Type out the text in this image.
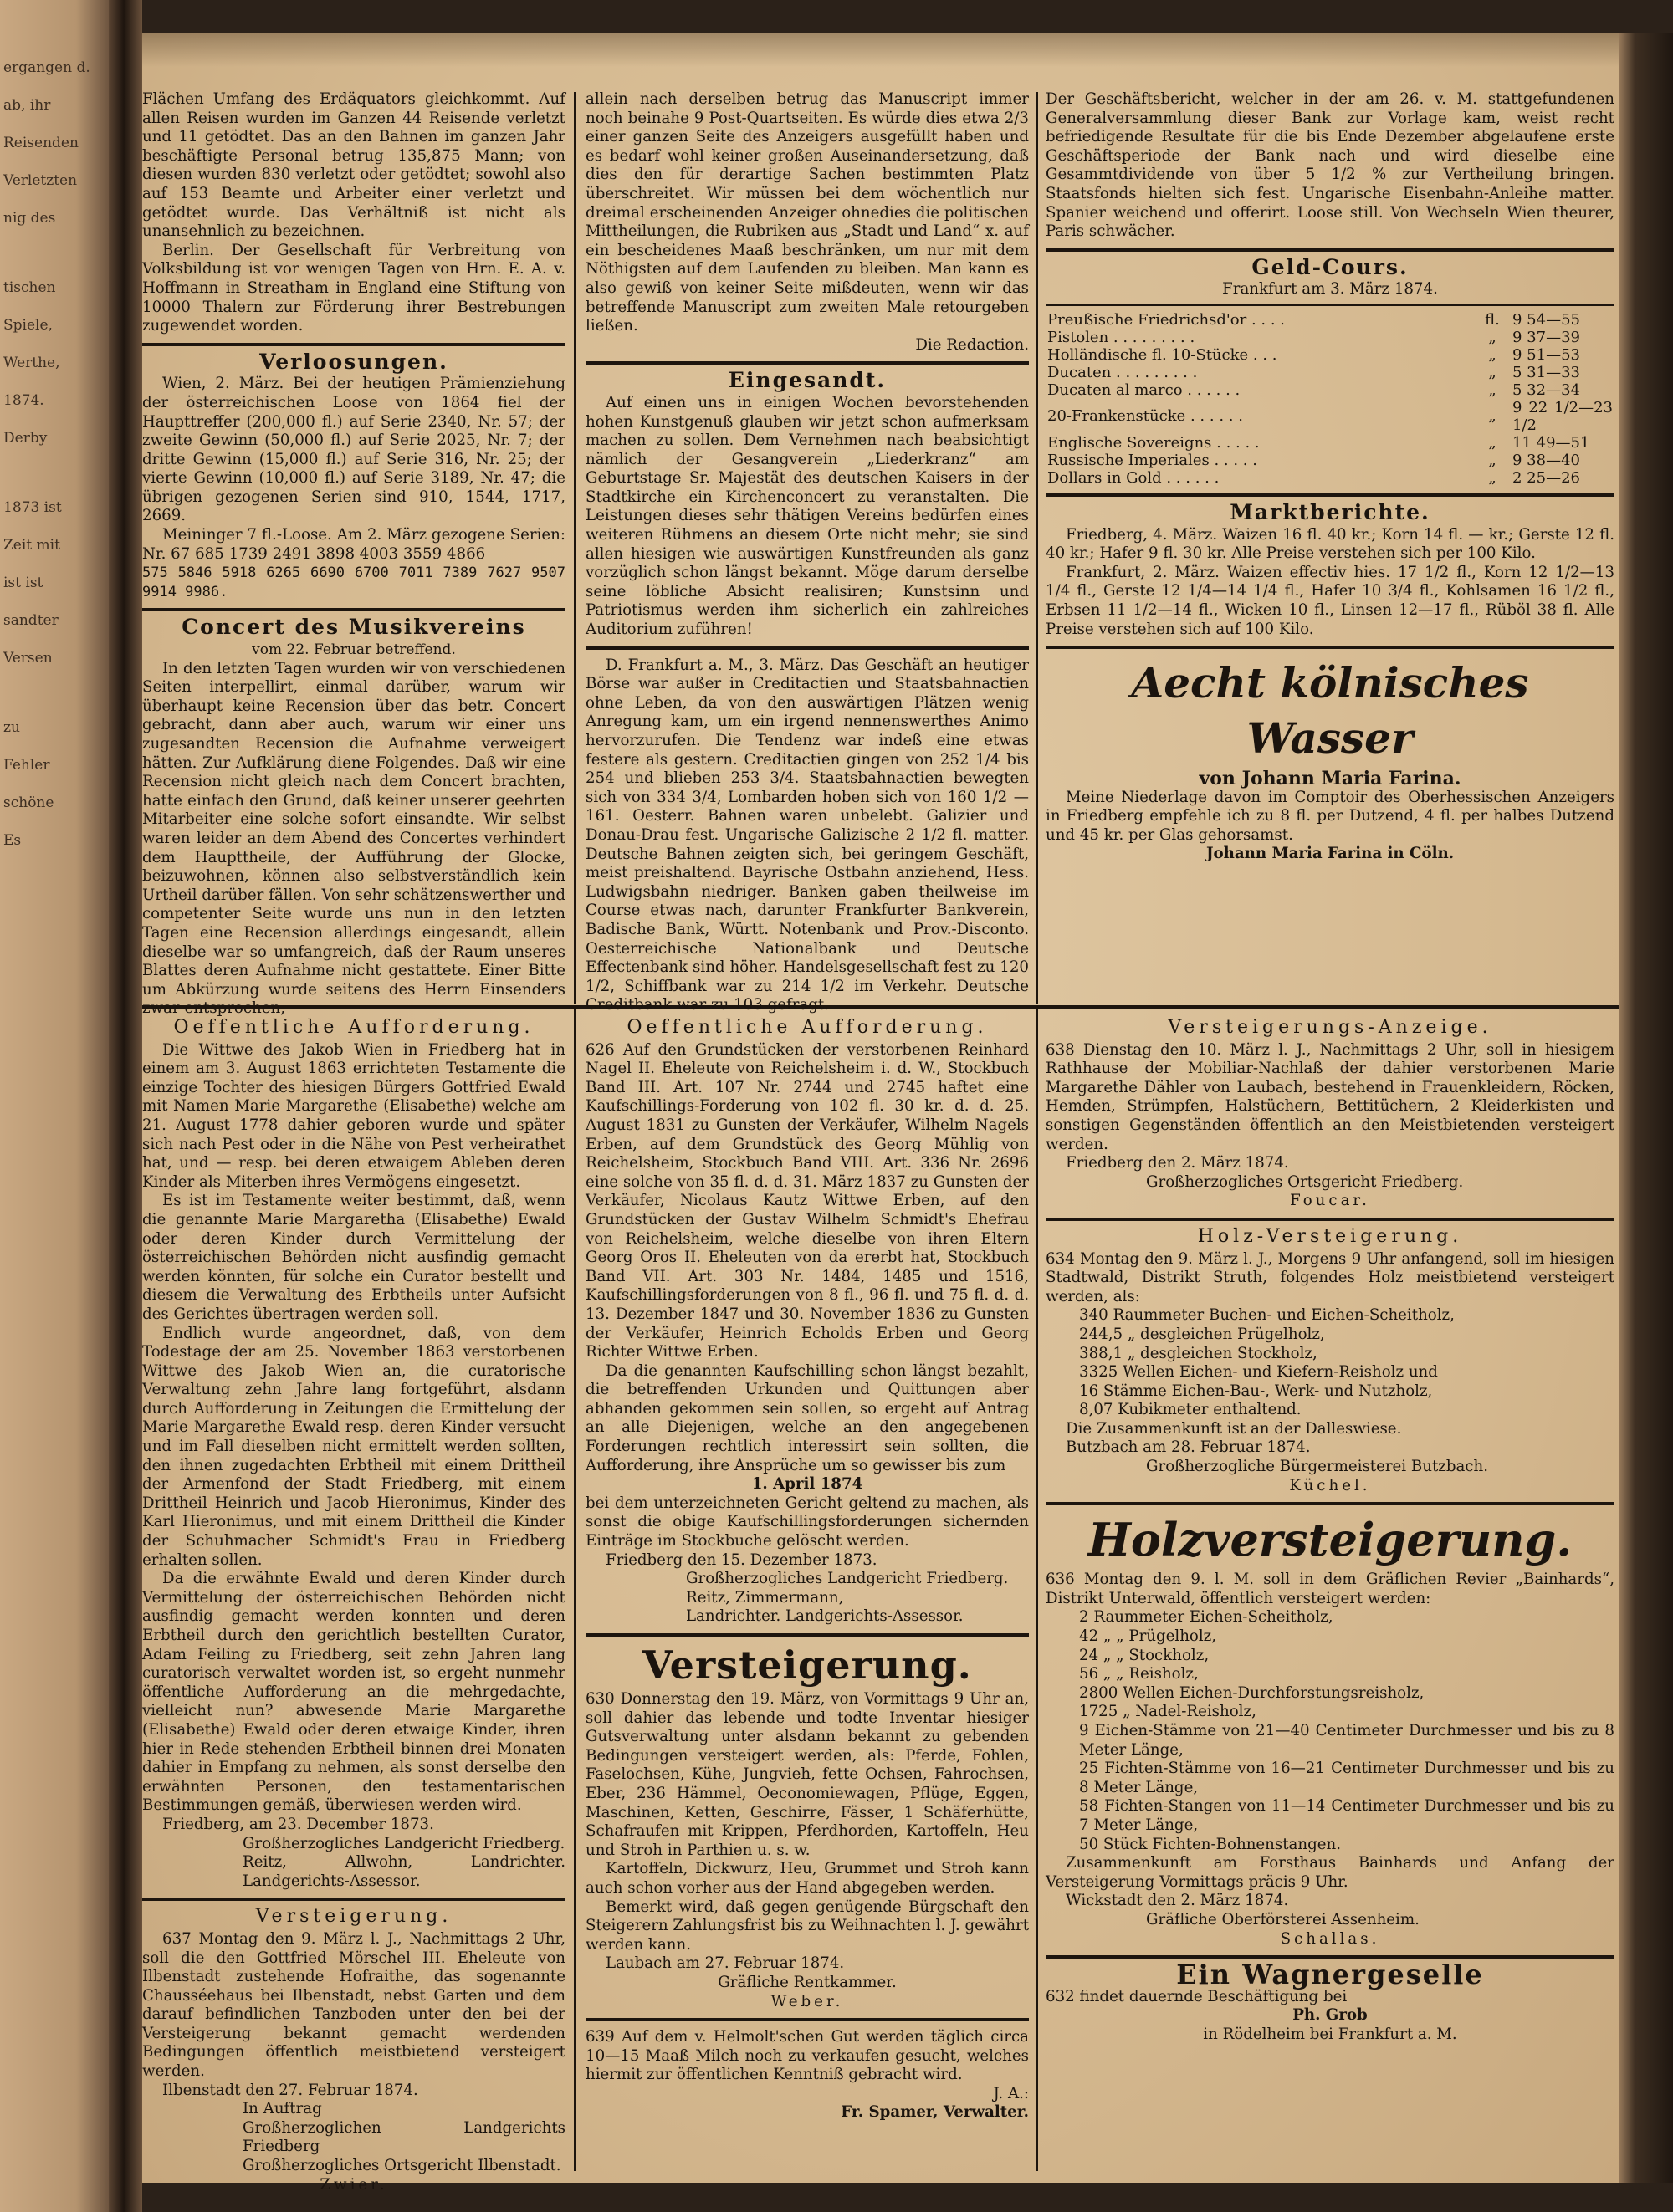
ergangen d.
ab, ihr
Reisenden
Verletzten
nig des
tischen
Spiele,
Werthe,
1874.
Derby
1873 ist
Zeit mit
ist ist
sandter
Versen
zu
Fehler
schöne
Es

Flächen Umfang des Erdäquators gleichkommt. Auf allen Reisen wurden im Ganzen 44 Reisende verletzt und 11 getödtet. Das an den Bahnen im ganzen Jahr beschäftigte Personal betrug 135,875 Mann; von diesen wurden 830 verletzt oder getödtet; sowohl also auf 153 Beamte und Arbeiter einer verletzt und getödtet wurde. Das Verhältniß ist nicht als unansehnlich zu bezeichnen.

Berlin. Der Gesellschaft für Verbreitung von Volksbildung ist vor wenigen Tagen von Hrn. E. A. v. Hoffmann in Streatham in England eine Stiftung von 10000 Thalern zur Förderung ihrer Bestrebungen zugewendet worden.

Verloosungen.

Wien, 2. März. Bei der heutigen Prämienziehung der österreichischen Loose von 1864 fiel der Haupttreffer (200,000 fl.) auf Serie 2340, Nr. 57; der zweite Gewinn (50,000 fl.) auf Serie 2025, Nr. 7; der dritte Gewinn (15,000 fl.) auf Serie 316, Nr. 25; der vierte Gewinn (10,000 fl.) auf Serie 3189, Nr. 47; die übrigen gezogenen Serien sind 910, 1544, 1717, 2669.

Meininger 7 fl.-Loose. Am 2. März gezogene Serien: Nr. 67 685 1739 2491 3898 4003 3559 4866

575 5846 5918 6265 6690 6700 7011 7389 7627 9507 9914 9986.

Concert des Musikvereins
vom 22. Februar betreffend.

In den letzten Tagen wurden wir von verschiedenen Seiten interpellirt, einmal darüber, warum wir überhaupt keine Recension über das betr. Concert gebracht, dann aber auch, warum wir einer uns zugesandten Recension die Aufnahme verweigert hätten. Zur Aufklärung diene Folgendes. Daß wir eine Recension nicht gleich nach dem Concert brachten, hatte einfach den Grund, daß keiner unserer geehrten Mitarbeiter eine solche sofort einsandte. Wir selbst waren leider an dem Abend des Concertes verhindert dem Haupttheile, der Aufführung der Glocke, beizuwohnen, können also selbstverständlich kein Urtheil darüber fällen. Von sehr schätzenswerther und competenter Seite wurde uns nun in den letzten Tagen eine Recension allerdings eingesandt, allein dieselbe war so umfangreich, daß der Raum unseres Blattes deren Aufnahme nicht gestattete. Einer Bitte um Abkürzung wurde seitens des Herrn Einsenders zwar entsprochen,

allein nach derselben betrug das Manuscript immer noch beinahe 9 Post-Quartseiten. Es würde dies etwa 2/3 einer ganzen Seite des Anzeigers ausgefüllt haben und es bedarf wohl keiner großen Auseinandersetzung, daß dies den für derartige Sachen bestimmten Platz überschreitet. Wir müssen bei dem wöchentlich nur dreimal erscheinenden Anzeiger ohnedies die politischen Mittheilungen, die Rubriken aus „Stadt und Land“ x. auf ein bescheidenes Maaß beschränken, um nur mit dem Nöthigsten auf dem Laufenden zu bleiben. Man kann es also gewiß von keiner Seite mißdeuten, wenn wir das betreffende Manuscript zum zweiten Male retourgeben ließen.

Die Redaction.

Eingesandt.

Auf einen uns in einigen Wochen bevorstehenden hohen Kunstgenuß glauben wir jetzt schon aufmerksam machen zu sollen. Dem Vernehmen nach beabsichtigt nämlich der Gesangverein „Liederkranz“ am Geburtstage Sr. Majestät des deutschen Kaisers in der Stadtkirche ein Kirchenconcert zu veranstalten. Die Leistungen dieses sehr thätigen Vereins bedürfen eines weiteren Rühmens an diesem Orte nicht mehr; sie sind allen hiesigen wie auswärtigen Kunstfreunden als ganz vorzüglich schon längst bekannt. Möge darum derselbe seine löbliche Absicht realisiren; Kunstsinn und Patriotismus werden ihm sicherlich ein zahlreiches Auditorium zuführen!

D. Frankfurt a. M., 3. März. Das Geschäft an heutiger Börse war außer in Creditactien und Staatsbahnactien ohne Leben, da von den auswärtigen Plätzen wenig Anregung kam, um ein irgend nennenswerthes Animo hervorzurufen. Die Tendenz war indeß eine etwas festere als gestern. Creditactien gingen von 252 1/4 bis 254 und blieben 253 3/4. Staatsbahnactien bewegten sich von 334 3/4, Lombarden hoben sich von 160 1/2 — 161. Oesterr. Bahnen waren unbelebt. Galizier und Donau-Drau fest. Ungarische Galizische 2 1/2 fl. matter. Deutsche Bahnen zeigten sich, bei geringem Geschäft, meist preishaltend. Bayrische Ostbahn anziehend, Hess. Ludwigsbahn niedriger. Banken gaben theilweise im Course etwas nach, darunter Frankfurter Bankverein, Badische Bank, Württ. Notenbank und Prov.-Disconto. Oesterreichische Nationalbank und Deutsche Effectenbank sind höher. Handelsgesellschaft fest zu 120 1/2, Schiffbank war zu 214 1/2 im Verkehr. Deutsche Creditbank war zu 103 gefragt.

Der Geschäftsbericht, welcher in der am 26. v. M. stattgefundenen Generalversammlung dieser Bank zur Vorlage kam, weist recht befriedigende Resultate für die bis Ende Dezember abgelaufene erste Geschäftsperiode der Bank nach und wird dieselbe eine Gesammtdividende von über 5 1/2 % zur Vertheilung bringen. Staatsfonds hielten sich fest. Ungarische Eisenbahn-Anleihe matter. Spanier weichend und offerirt. Loose still. Von Wechseln Wien theurer, Paris schwächer.

Geld-Cours.
Frankfurt am 3. März 1874.
Preußische Friedrichsd'or . . . .	fl.	9 54—55
Pistolen . . . . . . . . .	„	9 37—39
Holländische fl. 10-Stücke . . .	„	9 51—53
Ducaten . . . . . . . . .	„	5 31—33
Ducaten al marco . . . . . .	„	5 32—34
20-Frankenstücke . . . . . .	„	9 22 1/2—23 1/2
Englische Sovereigns . . . . .	„	11 49—51
Russische Imperiales . . . . .	„	9 38—40
Dollars in Gold . . . . . .	„	2 25—26
Marktberichte.

Friedberg, 4. März. Waizen 16 fl. 40 kr.; Korn 14 fl. — kr.; Gerste 12 fl. 40 kr.; Hafer 9 fl. 30 kr. Alle Preise verstehen sich per 100 Kilo.

Frankfurt, 2. März. Waizen effectiv hies. 17 1/2 fl., Korn 12 1/2—13 1/4 fl., Gerste 12 1/4—14 1/4 fl., Hafer 10 3/4 fl., Kohlsamen 16 1/2 fl., Erbsen 11 1/2—14 fl., Wicken 10 fl., Linsen 12—17 fl., Rüböl 38 fl. Alle Preise verstehen sich auf 100 Kilo.

Aecht kölnisches Wasser
von Johann Maria Farina.

Meine Niederlage davon im Comptoir des Oberhessischen Anzeigers in Friedberg empfehle ich zu 8 fl. per Dutzend, 4 fl. per halbes Dutzend und 45 kr. per Glas gehorsamst.

Johann Maria Farina in Cöln.
Oeffentliche Aufforderung.

Die Wittwe des Jakob Wien in Friedberg hat in einem am 3. August 1863 errichteten Testamente die einzige Tochter des hiesigen Bürgers Gottfried Ewald mit Namen Marie Margarethe (Elisabethe) welche am 21. August 1778 dahier geboren wurde und später sich nach Pest oder in die Nähe von Pest verheirathet hat, und — resp. bei deren etwaigem Ableben deren Kinder als Miterben ihres Vermögens eingesetzt.

Es ist im Testamente weiter bestimmt, daß, wenn die genannte Marie Margaretha (Elisabethe) Ewald oder deren Kinder durch Vermittelung der österreichischen Behörden nicht ausfindig gemacht werden könnten, für solche ein Curator bestellt und diesem die Verwaltung des Erbtheils unter Aufsicht des Gerichtes übertragen werden soll.

Endlich wurde angeordnet, daß, von dem Todestage der am 25. November 1863 verstorbenen Wittwe des Jakob Wien an, die curatorische Verwaltung zehn Jahre lang fortgeführt, alsdann durch Aufforderung in Zeitungen die Ermittelung der Marie Margarethe Ewald resp. deren Kinder versucht und im Fall dieselben nicht ermittelt werden sollten, den ihnen zugedachten Erbtheil mit einem Drittheil der Armenfond der Stadt Friedberg, mit einem Drittheil Heinrich und Jacob Hieronimus, Kinder des Karl Hieronimus, und mit einem Drittheil die Kinder der Schuhmacher Schmidt's Frau in Friedberg erhalten sollen.

Da die erwähnte Ewald und deren Kinder durch Vermittelung der österreichischen Behörden nicht ausfindig gemacht werden konnten und deren Erbtheil durch den gerichtlich bestellten Curator, Adam Feiling zu Friedberg, seit zehn Jahren lang curatorisch verwaltet worden ist, so ergeht nunmehr öffentliche Aufforderung an die mehrgedachte, vielleicht nun? abwesende Marie Margarethe (Elisabethe) Ewald oder deren etwaige Kinder, ihren hier in Rede stehenden Erbtheil binnen drei Monaten dahier in Empfang zu nehmen, als sonst derselbe den erwähnten Personen, den testamentarischen Bestimmungen gemäß, überwiesen werden wird.

Friedberg, am 23. December 1873.

Großherzogliches Landgericht Friedberg.

Reitz, Allwohn, Landrichter. Landgerichts-Assessor.

Versteigerung.

637 Montag den 9. März l. J., Nachmittags 2 Uhr, soll die den Gottfried Mörschel III. Eheleute von Ilbenstadt zustehende Hofraithe, das sogenannte Chausséehaus bei Ilbenstadt, nebst Garten und dem darauf befindlichen Tanzboden unter den bei der Versteigerung bekannt gemacht werdenden Bedingungen öffentlich meistbietend versteigert werden.

Ilbenstadt den 27. Februar 1874.

In Auftrag

Großherzoglichen Landgerichts Friedberg

Großherzogliches Ortsgericht Ilbenstadt.

Zwier.
Oeffentliche Aufforderung.

626 Auf den Grundstücken der verstorbenen Reinhard Nagel II. Eheleute von Reichelsheim i. d. W., Stockbuch Band III. Art. 107 Nr. 2744 und 2745 haftet eine Kaufschillings-Forderung von 102 fl. 30 kr. d. d. 25. August 1831 zu Gunsten der Verkäufer, Wilhelm Nagels Erben, auf dem Grundstück des Georg Mühlig von Reichelsheim, Stockbuch Band VIII. Art. 336 Nr. 2696 eine solche von 35 fl. d. d. 31. März 1837 zu Gunsten der Verkäufer, Nicolaus Kautz Wittwe Erben, auf den Grundstücken der Gustav Wilhelm Schmidt's Ehefrau von Reichelsheim, welche dieselbe von ihren Eltern Georg Oros II. Eheleuten von da ererbt hat, Stockbuch Band VII. Art. 303 Nr. 1484, 1485 und 1516, Kaufschillingsforderungen von 8 fl., 96 fl. und 75 fl. d. d. 13. Dezember 1847 und 30. November 1836 zu Gunsten der Verkäufer, Heinrich Echolds Erben und Georg Richter Wittwe Erben.

Da die genannten Kaufschilling schon längst bezahlt, die betreffenden Urkunden und Quittungen aber abhanden gekommen sein sollen, so ergeht auf Antrag an alle Diejenigen, welche an den angegebenen Forderungen rechtlich interessirt sein sollten, die Aufforderung, ihre Ansprüche um so gewisser bis zum

1. April 1874

bei dem unterzeichneten Gericht geltend zu machen, als sonst die obige Kaufschillingsforderungen sichernden Einträge im Stockbuche gelöscht werden.

Friedberg den 15. Dezember 1873.

Großherzogliches Landgericht Friedberg.

Reitz, Zimmermann,

Landrichter. Landgerichts-Assessor.

Versteigerung.

630 Donnerstag den 19. März, von Vormittags 9 Uhr an, soll dahier das lebende und todte Inventar hiesiger Gutsverwaltung unter alsdann bekannt zu gebenden Bedingungen versteigert werden, als: Pferde, Fohlen, Faselochsen, Kühe, Jungvieh, fette Ochsen, Fahrochsen, Eber, 236 Hämmel, Oeconomiewagen, Pflüge, Eggen, Maschinen, Ketten, Geschirre, Fässer, 1 Schäferhütte, Schafraufen mit Krippen, Pferdhorden, Kartoffeln, Heu und Stroh in Parthien u. s. w.

Kartoffeln, Dickwurz, Heu, Grummet und Stroh kann auch schon vorher aus der Hand abgegeben werden.

Bemerkt wird, daß gegen genügende Bürgschaft den Steigerern Zahlungsfrist bis zu Weihnachten l. J. gewährt werden kann.

Laubach am 27. Februar 1874.

Gräfliche Rentkammer.

Weber.

639 Auf dem v. Helmolt'schen Gut werden täglich circa 10—15 Maaß Milch noch zu verkaufen gesucht, welches hiermit zur öffentlichen Kenntniß gebracht wird.

J. A.:

Fr. Spamer, Verwalter.

Versteigerungs-Anzeige.

638 Dienstag den 10. März l. J., Nachmittags 2 Uhr, soll in hiesigem Rathhause der Mobiliar-Nachlaß der dahier verstorbenen Marie Margarethe Dähler von Laubach, bestehend in Frauenkleidern, Röcken, Hemden, Strümpfen, Halstüchern, Bettitüchern, 2 Kleiderkisten und sonstigen Gegenständen öffentlich an den Meistbietenden versteigert werden.

Friedberg den 2. März 1874.

Großherzogliches Ortsgericht Friedberg.

Foucar.
Holz-Versteigerung.

634 Montag den 9. März l. J., Morgens 9 Uhr anfangend, soll im hiesigen Stadtwald, Distrikt Struth, folgendes Holz meistbietend versteigert werden, als:

340 Raummeter Buchen- und Eichen-Scheitholz,
244,5 „ desgleichen Prügelholz,
388,1 „ desgleichen Stockholz,
3325 Wellen Eichen- und Kiefern-Reisholz und
16 Stämme Eichen-Bau-, Werk- und Nutzholz,
8,07 Kubikmeter enthaltend.

Die Zusammenkunft ist an der Dalleswiese.

Butzbach am 28. Februar 1874.

Großherzogliche Bürgermeisterei Butzbach.

Küchel.
Holzversteigerung.

636 Montag den 9. l. M. soll in dem Gräflichen Revier „Bainhards“, Distrikt Unterwald, öffentlich versteigert werden:

2 Raummeter Eichen-Scheitholz,
42 „ „ Prügelholz,
24 „ „ Stockholz,
56 „ „ Reisholz,
2800 Wellen Eichen-Durchforstungsreisholz,
1725 „ Nadel-Reisholz,
9 Eichen-Stämme von 21—40 Centimeter Durchmesser und bis zu 8 Meter Länge,
25 Fichten-Stämme von 16—21 Centimeter Durchmesser und bis zu 8 Meter Länge,
58 Fichten-Stangen von 11—14 Centimeter Durchmesser und bis zu 7 Meter Länge,
50 Stück Fichten-Bohnenstangen.

Zusammenkunft am Forsthaus Bainhards und Anfang der Versteigerung Vormittags präcis 9 Uhr.

Wickstadt den 2. März 1874.

Gräfliche Oberförsterei Assenheim.

Schallas.
Ein Wagnergeselle

632 findet dauernde Beschäftigung bei

Ph. Grob

in Rödelheim bei Frankfurt a. M.
